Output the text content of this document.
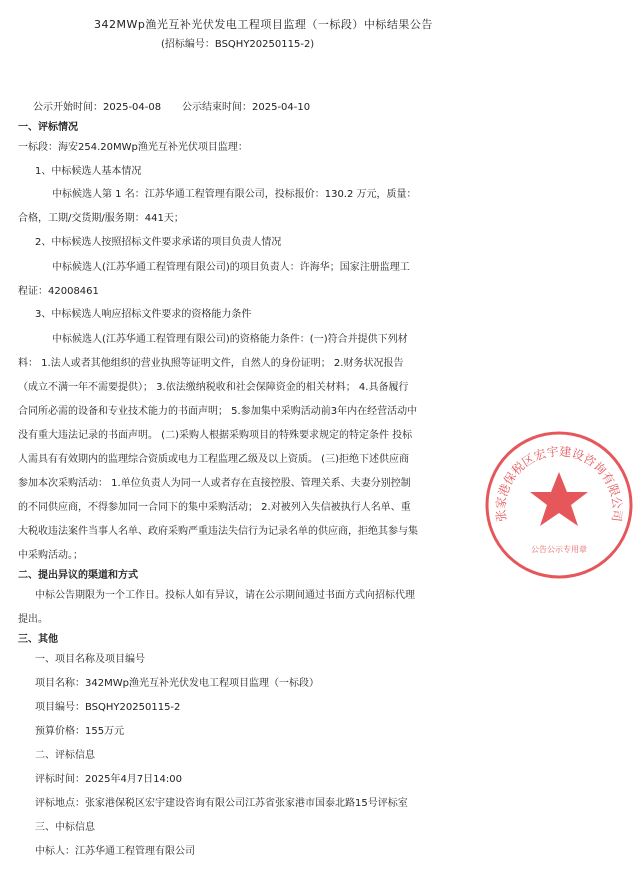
342MWp渔光互补光伏发电工程项目监理（一标段）中标结果公告
(招标编号：BSQHY20250115-2)
公示开始时间：2025-04-08 公示结束时间：2025-04-10
一、评标情况
一标段：海安254.20MWp渔光互补光伏项目监理：
1、中标候选人基本情况
中标候选人第 1 名：江苏华通工程管理有限公司，投标报价：130.2 万元，质量：
合格，工期/交货期/服务期：441天；
2、中标候选人按照招标文件要求承诺的项目负责人情况
中标候选人(江苏华通工程管理有限公司)的项目负责人：许海华；国家注册监理工
程证：42008461
3、中标候选人响应招标文件要求的资格能力条件
中标候选人(江苏华通工程管理有限公司)的资格能力条件：(一)符合并提供下列材
料： 1.法人或者其他组织的营业执照等证明文件，自然人的身份证明； 2.财务状况报告
（成立不满一年不需要提供）； 3.依法缴纳税收和社会保障资金的相关材料； 4.具备履行
合同所必需的设备和专业技术能力的书面声明； 5.参加集中采购活动前3年内在经营活动中
没有重大违法记录的书面声明。 (二)采购人根据采购项目的特殊要求规定的特定条件 投标
人需具有有效期内的监理综合资质或电力工程监理乙级及以上资质。 (三)拒绝下述供应商
参加本次采购活动： 1.单位负责人为同一人或者存在直接控股、管理关系、夫妻分别控制
的不同供应商，不得参加同一合同下的集中采购活动； 2.对被列入失信被执行人名单、重
大税收违法案件当事人名单、政府采购严重违法失信行为记录名单的供应商，拒绝其参与集
中采购活动。；
二、提出异议的渠道和方式
中标公告期限为一个工作日。投标人如有异议，请在公示期间通过书面方式向招标代理
提出。
三、其他
一、项目名称及项目编号
项目名称：342MWp渔光互补光伏发电工程项目监理（一标段）
项目编号：BSQHY20250115-2
预算价格：155万元
二、评标信息
评标时间：2025年4月7日14:00
评标地点：张家港保税区宏宇建设咨询有限公司江苏省张家港市国泰北路15号评标室
三、中标信息
中标人：江苏华通工程管理有限公司
张家港保税区宏宇建设咨询有限公司
公告公示专用章
